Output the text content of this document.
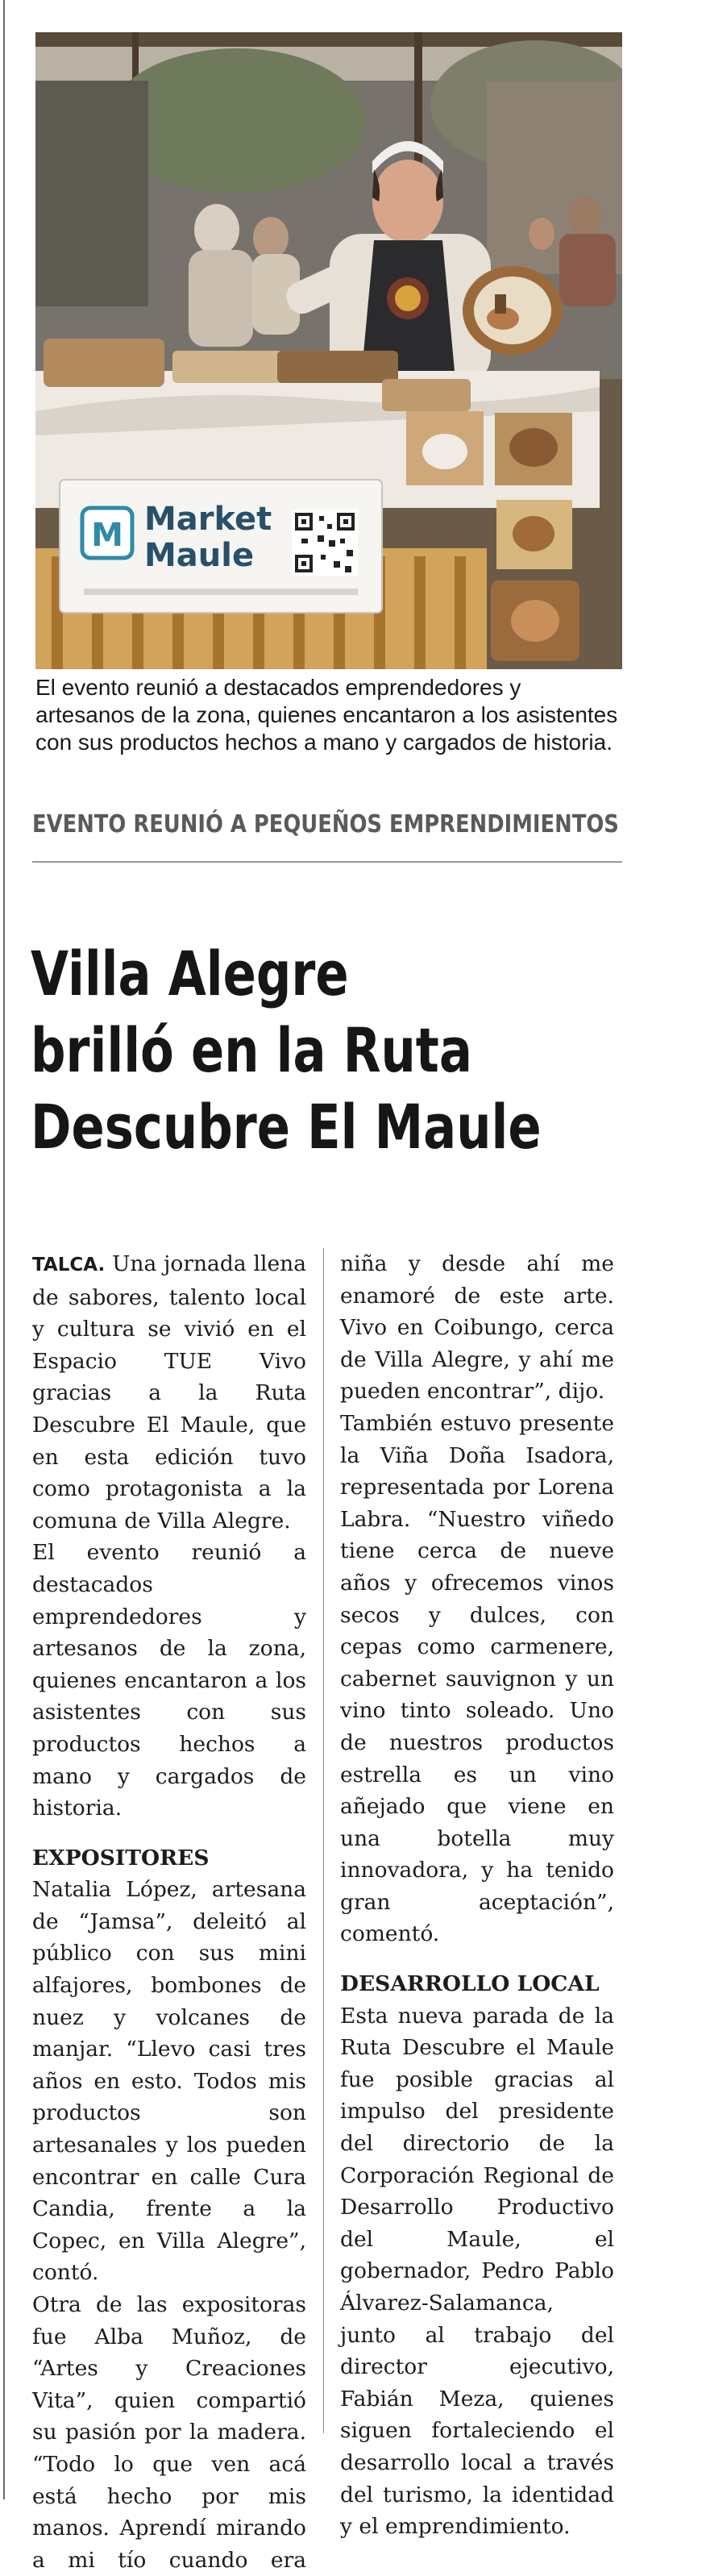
M Market
Maule
El evento reunió a destacados emprendedores y artesanos de la zona, quienes encantaron a los asistentes con sus productos hechos a mano y cargados de historia.
EVENTO REUNIÓ A PEQUEÑOS EMPRENDIMIENTOS
Villa Alegre
brilló en la Ruta
Descubre El Maule

TALCA. Una jornada llena de sabores, talento local y cultura se vivió en el Espacio TUE Vivo gracias a la Ruta Descubre El Maule, que en esta edición tuvo como protagonista a la comuna de Villa Alegre.

El evento reunió a destacados emprendedores y artesanos de la zona, quienes encantaron a los asistentes con sus productos hechos a mano y cargados de historia.

EXPOSITORES

Natalia López, artesana de “Jamsa”, deleitó al público con sus mini alfajores, bombones de nuez y volcanes de manjar. “Llevo casi tres años en esto. Todos mis productos son artesanales y los pueden encontrar en calle Cura Candia, frente a la Copec, en Villa Alegre”, contó.

Otra de las expositoras fue Alba Muñoz, de “Artes y Creaciones Vita”, quien compartió su pasión por la madera. “Todo lo que ven acá está hecho por mis manos. Aprendí mirando a mi tío cuando era

niña y desde ahí me enamoré de este arte. Vivo en Coibungo, cerca de Villa Alegre, y ahí me pueden encontrar”, dijo.

También estuvo presente la Viña Doña Isadora, representada por Lorena Labra. “Nuestro viñedo tiene cerca de nueve años y ofrecemos vinos secos y dulces, con cepas como carmenere, cabernet sauvignon y un vino tinto soleado. Uno de nuestros productos estrella es un vino añejado que viene en una botella muy innovadora, y ha tenido gran aceptación”, comentó.

DESARROLLO LOCAL

Esta nueva parada de la Ruta Descubre el Maule fue posible gracias al impulso del presidente del directorio de la Corporación Regional de Desarrollo Productivo del Maule, el gobernador, Pedro Pablo Álvarez-Salamanca, junto al trabajo del director ejecutivo, Fabián Meza, quienes siguen fortaleciendo el desarrollo local a través del turismo, la identidad y el emprendimiento.
